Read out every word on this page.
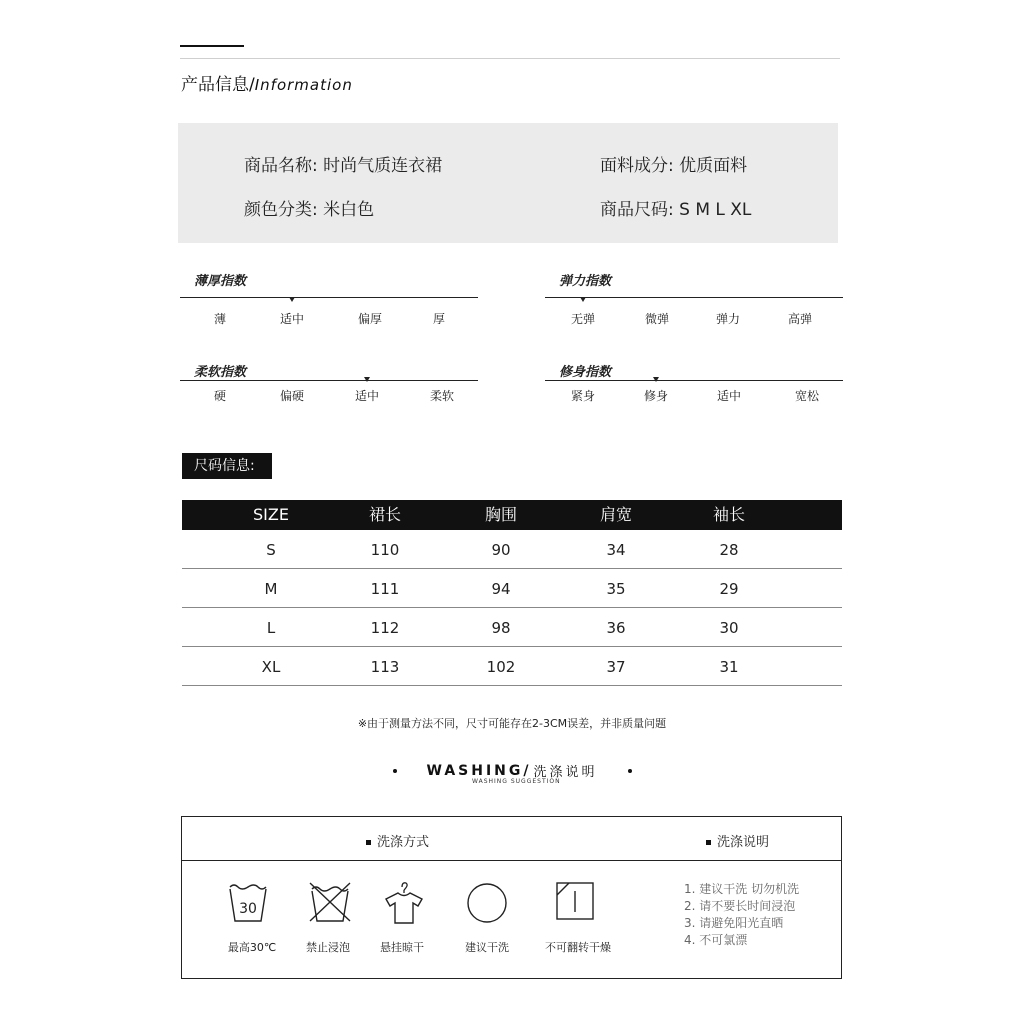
产品信息/Information
商品名称: 时尚气质连衣裙	面料成分: 优质面料
颜色分类: 米白色	商品尺码: S M L XL
薄厚指数
薄	适中	偏厚	厚
弹力指数
无弹	微弹	弹力	高弹
柔软指数
硬	偏硬	适中	柔软
修身指数
紧身	修身	适中	宽松
尺码信息:
SIZE	裙长	胸围	肩宽	袖长
S	110	90	34	28
M	111	94	35	29
L	112	98	36	30
XL	113	102	37	31
※由于测量方法不同，尺寸可能存在2-3CM误差，并非质量问题
WASHING/ 洗涤说明
WASHING SUGGESTION
洗涤方式	洗涤说明
30
最高30℃	禁止浸泡	悬挂晾干	建议干洗	不可翻转干燥
1. 建议干洗 切勿机洗
2. 请不要长时间浸泡
3. 请避免阳光直晒
4. 不可氯漂
